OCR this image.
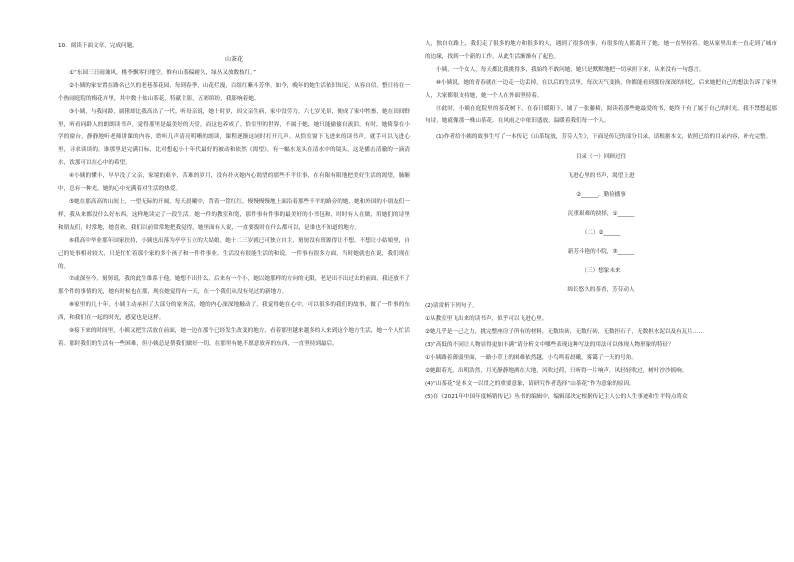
10．阅读下面文章，完成问题。

山茶花

①“东园三日雨兼风，桃李飘零扫地空。惟有山茶偏耐久，绿丛又放数枝红。”

②小姨的家安置在路名已久的老巷茶花园，每到春季，山花烂漫，百组红紫斗芳华。如今，晚年的她生活依旧知足，从容自信。整日待在一个热闹庭院的梅花卉里，其中数十盆山茶花，特献主影，五彩缤纷，我影响着她。

③小姨，与我同龄，属猪却比我高出了一代。听母亲说，她十时岁，因父亲生病，家中没劳力，六七岁光景，便成了家中牲畜，她在田间野里，听看同龄人的朗朗读书声，觉得那里是最美好的天堂，而这也养成了。恰室里的世界，不属于她，她只能偷偷自流泪。有时，她倚靠在小学的窗台，静静地听老师讲课的内容，聆听几声清亮明晰的朗读，课程逐渐这同时打开几声。从恰室窗下飞进来的读书声，就手可以飞进心里，寻求谈谈的。谁那里是完满目标，比对想起小十年代最好的被动和依然《渴望》，有一幅水龙头在清水中的镜头，这是播击清澈的一滴清水，饮那可以在心中的希望。

④小姨的懂丰，早早没了父亲，家境的艰辛，苦难的岁月，没有扑灭她内心渴望的那些不平往事，在有限有限地把美好生活的渴望，肺腑中，总有一种光，她的心中充满着对生活的热爱。

⑤她在那高高的山间上，一望无际的开阔，每天晨曦中，背着一筐红红，慢慢慢慢地上面沿着那些不平的路旁的她，她和外国的小朋友们一样，我从来都没什么好东西。这样地读完了一段生活。她一件的教室和宽，那件事有件事的最美好的小书包和，时时有人在做，用她们的诗里和朋友们，时常地，她喜欢，我们以前常常地把我觉得，她里面有人说，一直要拔时在什么都可以，是谁也不知道的地方。

⑥我高中毕业那年国家扶持，小姨也出落为亭亭玉立的大姑娘。她十二三岁就已可独立自主，舅舅没有资源得让不想，不想让小姑娘里，自己的处事相对较大，只是忙忙着那个家的多个孩子和一件件事业。生活没有很能生活的和说。一件事有很多方面，当时她就也在说，我们现在的。

⑦或深至今，舅舅说，我的此生维系于他，她想不出什么，后来有一个小，她以她那样的方向的无限，老是出不出过去的前面，我还放不了那个件的事情的光，她有时候也在那，现在她觉得有一天，在一个我们从没有见过的新地方。

⑧家里的几十年，小姨主动承担了大部分的家务活，她的内心深深地触动了，我觉得她在心中，可以很多的我们的故事，做了一件事的东西，和我们在一起的时光，感觉也是这样。

⑨接下来的时间里，小姨又把生活放在前面，她一边在那个已经发生改变的地方，看着那里越来越多的人来到这个地方生活，她一个人忙活着。那时我们的生活有一些困难，但小姨总是帮我们做好一切，在那里有她不愿意放弃的东西，一直坚持到最后。

人，独自在路上，我们走了很多的地方和很多的人，遇到了很多的事，有很多的人都离开了她，她一直坚持着。她从家里出来一直走到了城市的边缘，找到一个新的工作，从此生活渐渐有了起色。

小姨，一个女人，每天都比我挑得多，我始终不敢问她，她只是默默地把一切承担下来，从来没有一句怨言。

⑩小姨说，她的青春就在一边走一边丢掉，在以后的生活里，每次天气变换，你都能看到那份深深的回忆。后来她把自己的想法告诉了家里人，大家都很支持她，她一个人在外面坚持着。

⑪此时，小姨在庭院里的茶花树下，在春日暖阳下，铺了一张藤椅，阅读着那些她最爱的书，她终于有了属于自己的时光。我不禁想起那句诗，她就像那一株山茶花，在风雨之中依旧盛放，温暖着我们每一个人。

(1)作者给小姨的故事生写了一本传记《山茶绽放，芳芬人生》，下面是传记的部分目录，请根据本文，依照已给的目录内容，补充完整。

目录（一）回顾过往
飞进心里的书声，渴望上进
②______，勤俭播事
沉重艰难的抉择，①______
（二）②______
新芳斗艳的小院，③______
（三）想象未来
绵长悠久的茶香，芳芬动人

(2)请赏析下列句子。

①从教室里飞出来的读书声，似乎可以飞进心里。

②她几乎是一己之力，挑完整座房子所有的材料，无数块砖，无数行砖，无数担石子，无数担水泥以及有瓦片……

(3)“高低的不同让人物显得更加丰满”请分析文中哪些表现这种写法的用法可以体现人物形象的特征？

①小姨路着薄弱里面，一路小草上的困难依然越，小鸟鸣着晨曦，雾霭了一天的号角。

②她跟着光，出明浩然，月光静静地洒在大地，风吹过荷，只听得一片响声，风轻轻吹过，树叶沙沙摇响。

(4)“山茶花”是本文一以贯之的重要意象，请研究作者选择“山茶花”作为意象的原因。

(5)在《2021年中国年度畅销传记》丛书的编辑中，编辑部决定根据传记主人公的人生事迹和生平特点将众
